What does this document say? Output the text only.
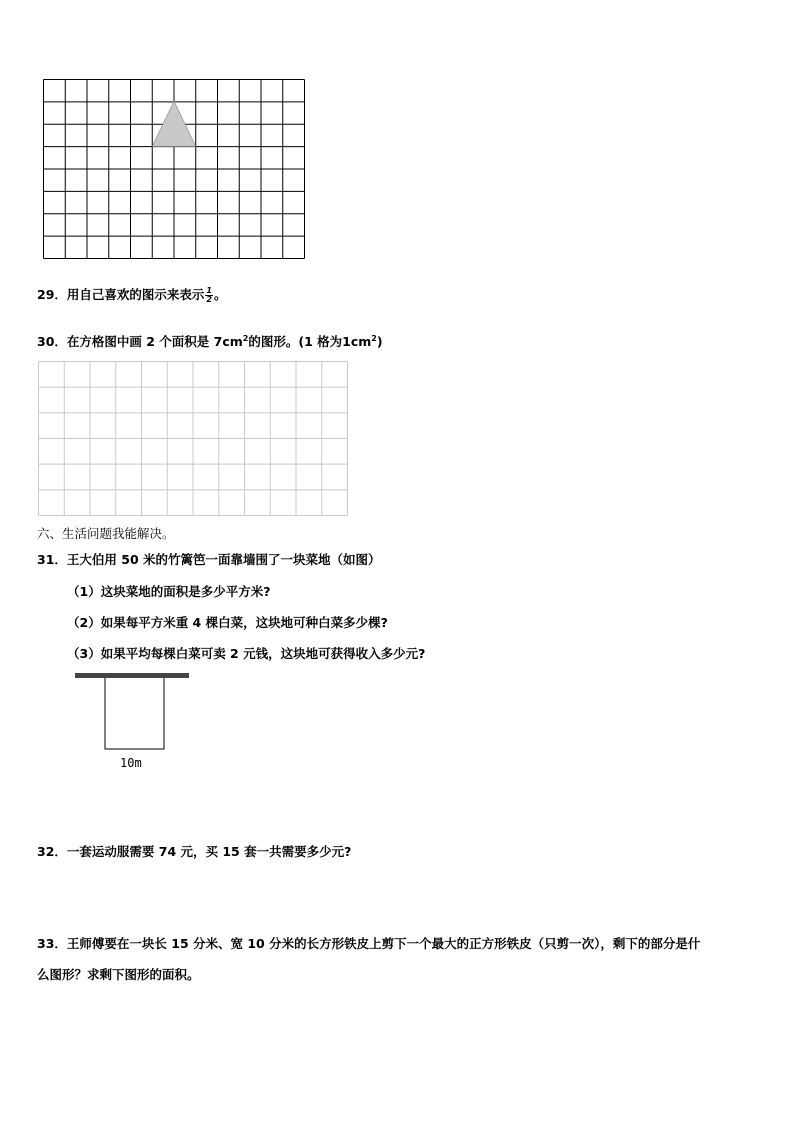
29．用自己喜欢的图示来表示 $\frac{1}{2}$ 。
30．在方格图中画 2 个面积是 $7cm^2$的图形。(1 格为$1cm^2$)
六、生活问题我能解决。
31．王大伯用 50 米的竹篱笆一面靠墙围了一块菜地（如图）
（1）这块菜地的面积是多少平方米?
（2）如果每平方米重 4 棵白菜，这块地可种白菜多少棵?
（3）如果平均每棵白菜可卖 2 元钱，这块地可获得收入多少元?
10m
32．一套运动服需要 74 元，买 15 套一共需要多少元?
33．王师傅要在一块长 15 分米、宽 10 分米的长方形铁皮上剪下一个最大的正方形铁皮（只剪一次），剩下的部分是什
么图形？求剩下图形的面积。
